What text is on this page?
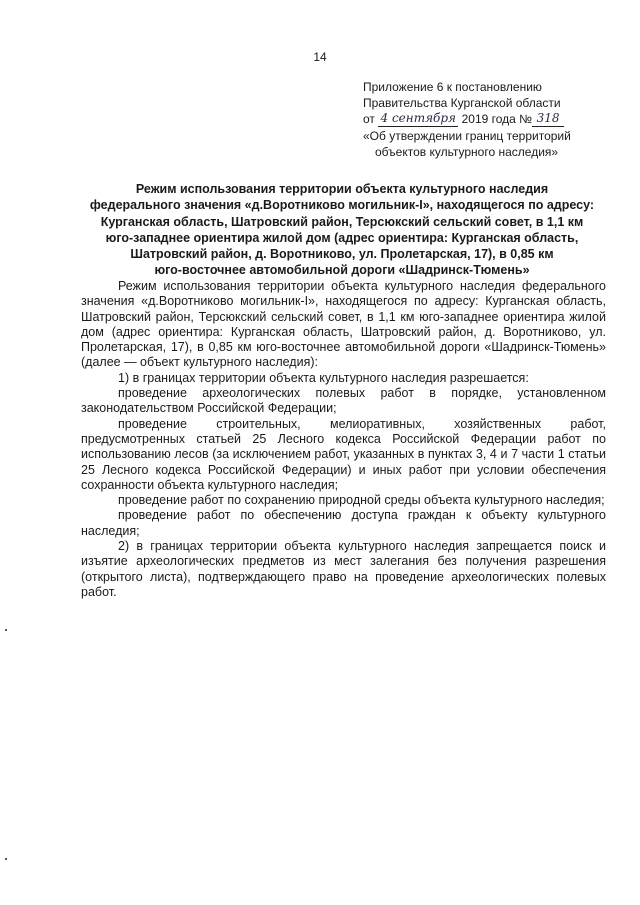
14
Приложение 6 к постановлению
Правительства Курганской области
от 4 сентября 2019 года № 318
«Об утверждении границ территорий
объектов культурного наследия»
Режим использования территории объекта культурного наследия
федерального значения «д.Воротниково могильник-I», находящегося по адресу:
Курганская область, Шатровский район, Терсюкский сельский совет, в 1,1 км
юго-западнее ориентира жилой дом (адрес ориентира: Курганская область,
Шатровский район, д. Воротниково, ул. Пролетарская, 17), в 0,85 км
юго-восточнее автомобильной дороги «Шадринск-Тюмень»

Режим использования территории объекта культурного наследия федерального значения «д.Воротниково могильник-I», находящегося по адресу: Курганская область, Шатровский район, Терсюкский сельский совет, в 1,1 км юго-западнее ориентира жилой дом (адрес ориентира: Курганская область, Шатровский район, д. Воротниково, ул. Пролетарская, 17), в 0,85 км юго-восточнее автомобильной дороги «Шадринск-Тюмень» (далее — объект культурного наследия):

1) в границах территории объекта культурного наследия разрешается:

проведение археологических полевых работ в порядке, установленном законодательством Российской Федерации;

проведение строительных, мелиоративных, хозяйственных работ, предусмотренных статьей 25 Лесного кодекса Российской Федерации работ по использованию лесов (за исключением работ, указанных в пунктах 3, 4 и 7 части 1 статьи 25 Лесного кодекса Российской Федерации) и иных работ при условии обеспечения сохранности объекта культурного наследия;

проведение работ по сохранению природной среды объекта культурного наследия;

проведение работ по обеспечению доступа граждан к объекту культурного наследия;

2) в границах территории объекта культурного наследия запрещается поиск и изъятие археологических предметов из мест залегания без получения разрешения (открытого листа), подтверждающего право на проведение археологических полевых работ.
